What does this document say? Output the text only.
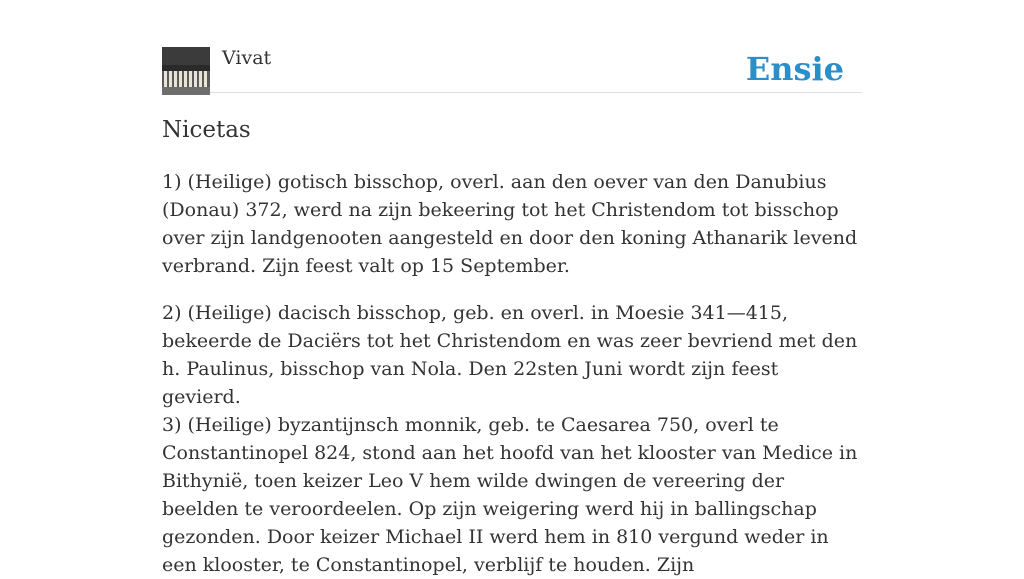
Vivat	Ensie
Nicetas

1) (Heilige) gotisch bisschop, overl. aan den oever van den Danubius (Donau) 372, werd na zijn bekeering tot het Christendom tot bisschop over zijn landgenooten aangesteld en door den koning Athanarik levend verbrand. Zijn feest valt op 15 September.

2) (Heilige) dacisch bisschop, geb. en overl. in Moesie 341—415, bekeerde de Daciërs tot het Christendom en was zeer bevriend met den h. Paulinus, bisschop van Nola. Den 22sten Juni wordt zijn feest gevierd.

3) (Heilige) byzantijnsch monnik, geb. te Caesarea 750, overl te Constantinopel 824, stond aan het hoofd van het klooster van Medice in Bithynië, toen keizer Leo V hem wilde dwingen de vereering der beelden te veroordeelen. Op zijn weigering werd hij in ballingschap gezonden. Door keizer Michael II werd hem in 810 vergund weder in een klooster, te Constantinopel, verblijf te houden. Zijn
